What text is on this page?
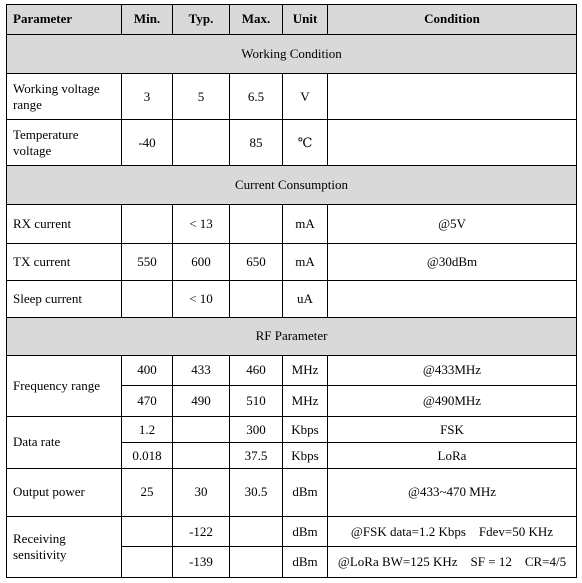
Parameter	Min.	Typ.	Max.	Unit	Condition
Working Condition					
Working voltage range	3	5	6.5	V	
Temperature voltage	-40		85	℃	
Current Consumption					
RX current		< 13		mA	@5V
TX current	550	600	650	mA	@30dBm
Sleep current		< 10		uA	
RF Parameter					
Frequency range	400	433	460	MHz	@433MHz
	470	490	510	MHz	@490MHz
Data rate	1.2		300	Kbps	FSK
	0.018		37.5	Kbps	LoRa
Output power	25	30	30.5	dBm	@433~470 MHz
Receiving sensitivity		-122		dBm	@FSK data=1.2 Kbps    Fdev=50 KHz
		-139		dBm	@LoRa BW=125 KHz    SF = 12    CR=4/5
